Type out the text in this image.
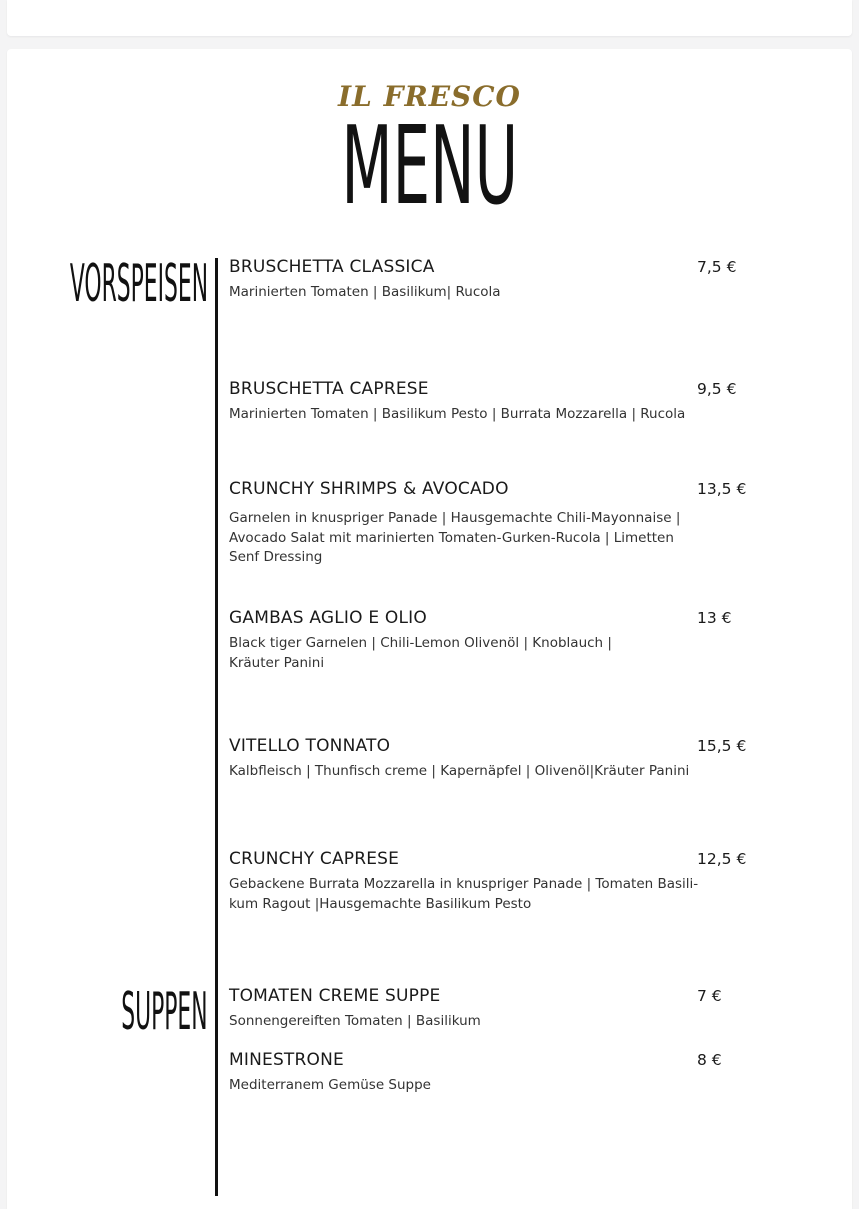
IL FRESCO
MENU
VORSPEISEN
SUPPEN
BRUSCHETTA CLASSICA
Marinierten Tomaten | Basilikum| Rucola
7,5 €
BRUSCHETTA CAPRESE
Marinierten Tomaten | Basilikum Pesto | Burrata Mozzarella | Rucola
9,5 €
CRUNCHY SHRIMPS & AVOCADO
Garnelen in knuspriger Panade | Hausgemachte Chili-Mayonnaise | Avocado Salat mit marinierten Tomaten-Gurken-Rucola | Limetten Senf Dressing
13,5 €
GAMBAS AGLIO E OLIO
Black tiger Garnelen | Chili-Lemon Olivenöl | Knoblauch | Kräuter Panini
13 €
VITELLO TONNATO
Kalbfleisch | Thunfisch creme | Kapernäpfel | Olivenöl|Kräuter Panini
15,5 €
CRUNCHY CAPRESE
Gebackene Burrata Mozzarella in knuspriger Panade | Tomaten Basili-kum Ragout |Hausgemachte Basilikum Pesto
12,5 €
TOMATEN CREME SUPPE
Sonnengereiften Tomaten | Basilikum
7 €
MINESTRONE
Mediterranem Gemüse Suppe
8 €
